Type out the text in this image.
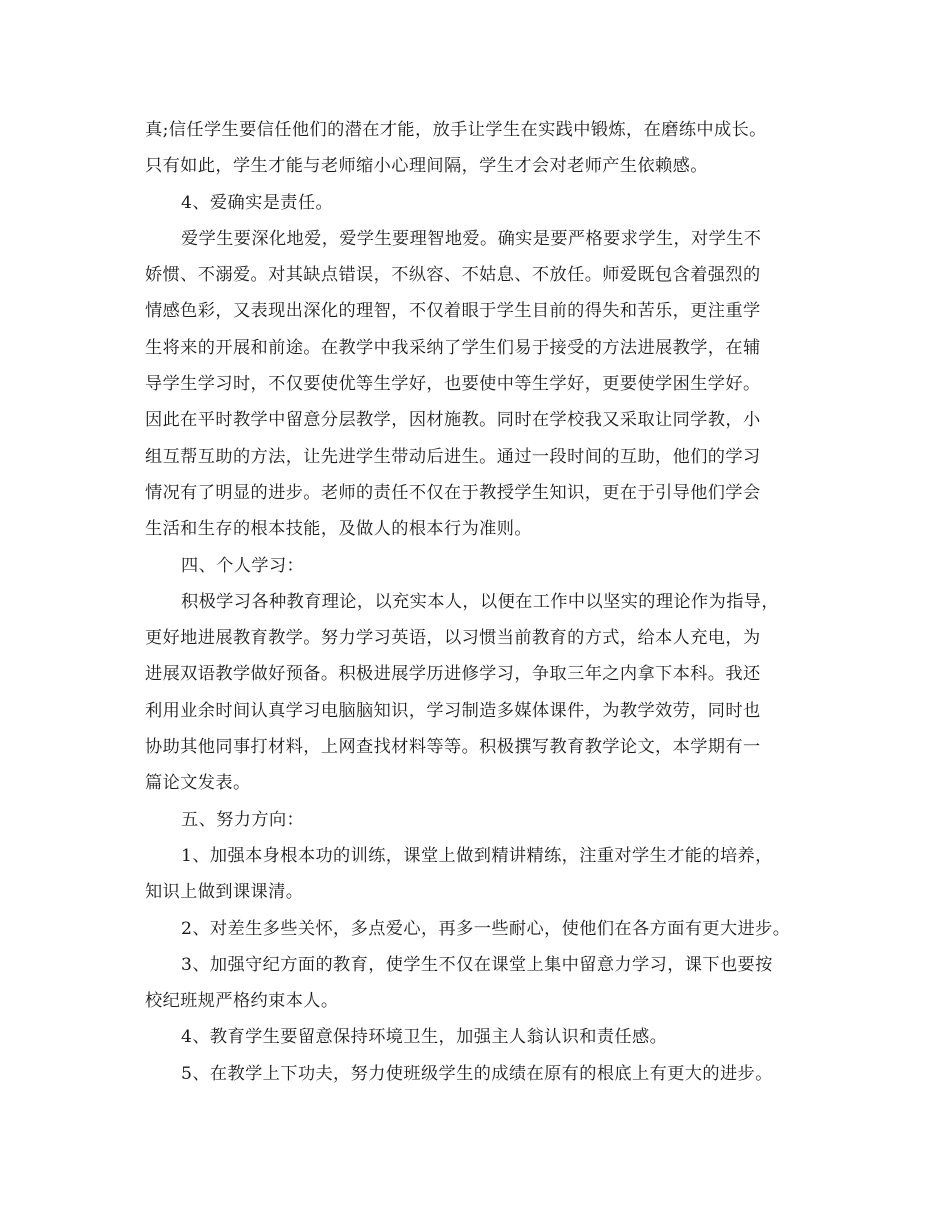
真;信任学生要信任他们的潜在才能，放手让学生在实践中锻炼，在磨练中成长。
只有如此，学生才能与老师缩小心理间隔，学生才会对老师产生依赖感。
4、爱确实是责任。
爱学生要深化地爱，爱学生要理智地爱。确实是要严格要求学生，对学生不
娇惯、不溺爱。对其缺点错误，不纵容、不姑息、不放任。师爱既包含着强烈的
情感色彩，又表现出深化的理智，不仅着眼于学生目前的得失和苦乐，更注重学
生将来的开展和前途。在教学中我采纳了学生们易于接受的方法进展教学，在辅
导学生学习时，不仅要使优等生学好，也要使中等生学好，更要使学困生学好。
因此在平时教学中留意分层教学，因材施教。同时在学校我又采取让同学教，小
组互帮互助的方法，让先进学生带动后进生。通过一段时间的互助，他们的学习
情况有了明显的进步。老师的责任不仅在于教授学生知识，更在于引导他们学会
生活和生存的根本技能，及做人的根本行为准则。
四、个人学习：
积极学习各种教育理论，以充实本人，以便在工作中以坚实的理论作为指导，
更好地进展教育教学。努力学习英语，以习惯当前教育的方式，给本人充电，为
进展双语教学做好预备。积极进展学历进修学习，争取三年之内拿下本科。我还
利用业余时间认真学习电脑脑知识，学习制造多媒体课件，为教学效劳，同时也
协助其他同事打材料，上网查找材料等等。积极撰写教育教学论文，本学期有一
篇论文发表。
五、努力方向：
1、加强本身根本功的训练，课堂上做到精讲精练，注重对学生才能的培养，
知识上做到课课清。
2、对差生多些关怀，多点爱心，再多一些耐心，使他们在各方面有更大进步。
3、加强守纪方面的教育，使学生不仅在课堂上集中留意力学习，课下也要按
校纪班规严格约束本人。
4、教育学生要留意保持环境卫生，加强主人翁认识和责任感。
5、在教学上下功夫，努力使班级学生的成绩在原有的根底上有更大的进步。
